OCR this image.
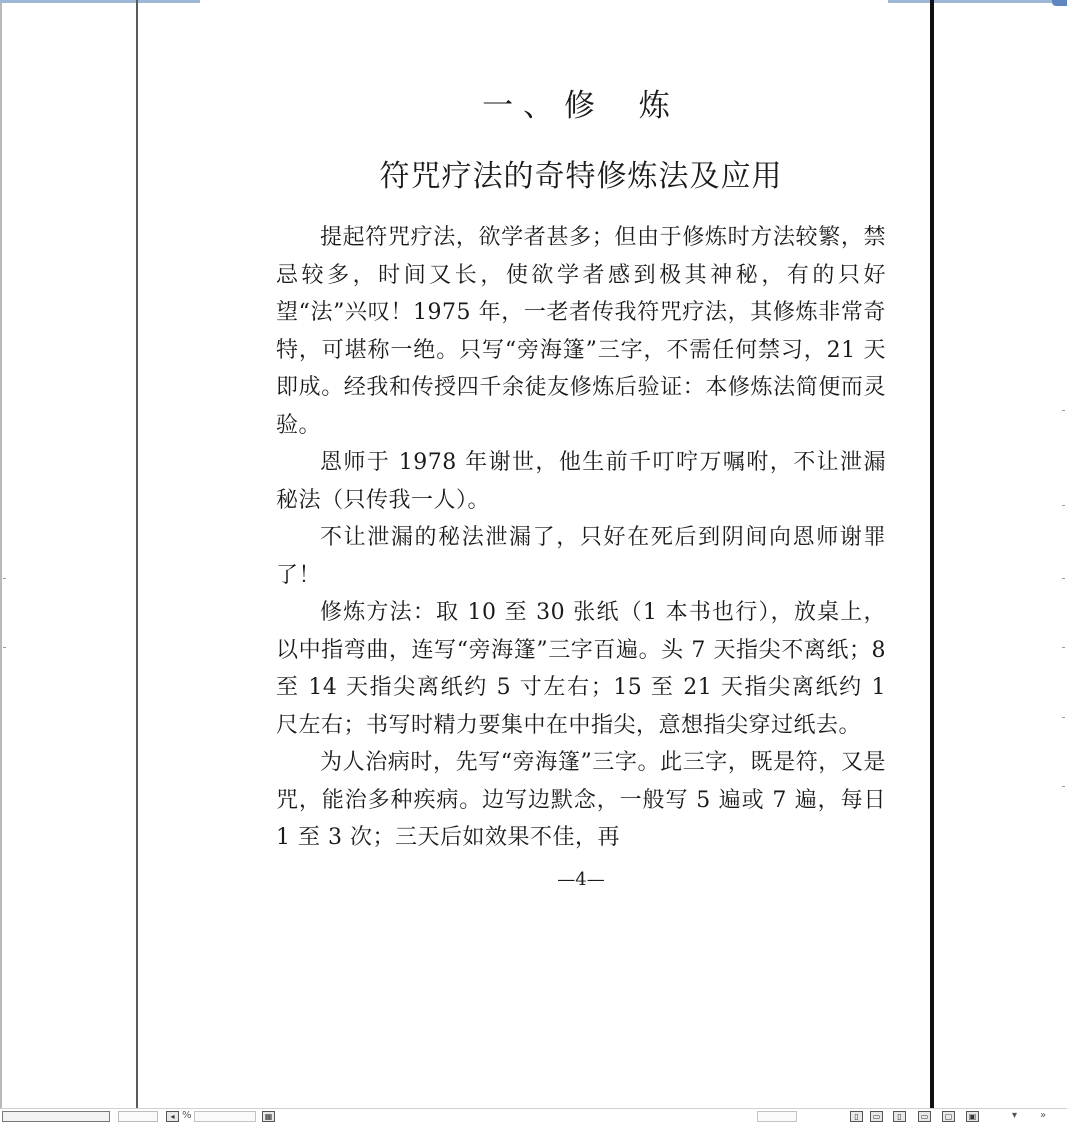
一、修 炼
符咒疗法的奇特修炼法及应用

提起符咒疗法，欲学者甚多；但由于修炼时方法较繁，禁忌较多，时间又长，使欲学者感到极其神秘，有的只好望“法”兴叹！1975 年，一老者传我符咒疗法，其修炼非常奇特，可堪称一绝。只写“旁海篷”三字，不需任何禁习，21 天即成。经我和传授四千余徒友修炼后验证：本修炼法简便而灵验。

恩师于 1978 年谢世，他生前千叮咛万嘱咐，不让泄漏秘法（只传我一人）。

不让泄漏的秘法泄漏了，只好在死后到阴间向恩师谢罪了！

修炼方法：取 10 至 30 张纸（1 本书也行），放桌上，以中指弯曲，连写“旁海篷”三字百遍。头 7 天指尖不离纸；8 至 14 天指尖离纸约 5 寸左右；15 至 21 天指尖离纸约 1 尺左右；书写时精力要集中在中指尖，意想指尖穿过纸去。

为人治病时，先写“旁海篷”三字。此三字，既是符，又是咒，能治多种疾病。边写边默念，一般写 5 遍或 7 遍，每日 1 至 3 次；三天后如效果不佳，再

—4—
◂ %	▦	▯	▭	▯	▭	▢	▣	▾ »
